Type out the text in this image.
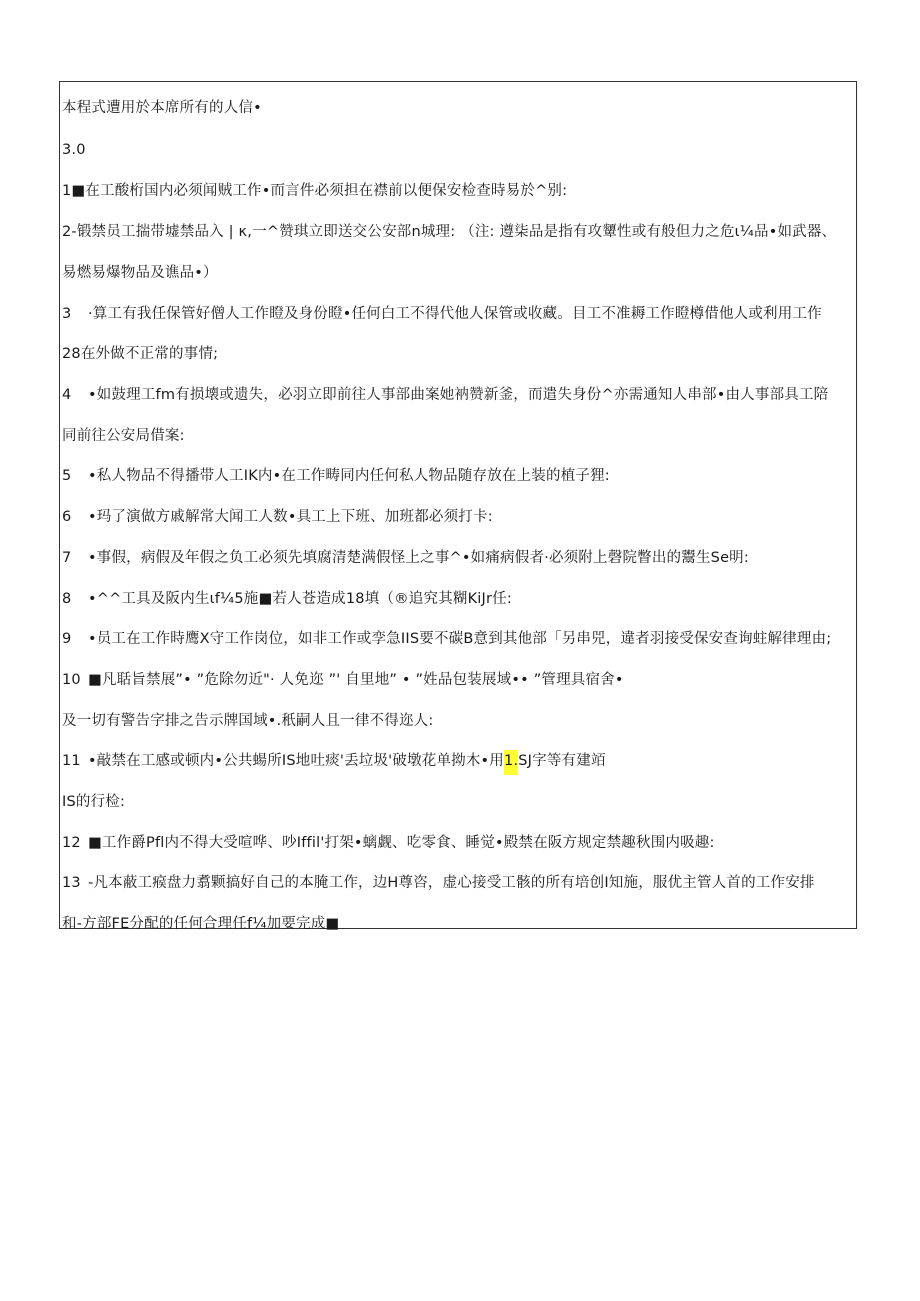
本程式遭用於本席所有的人信•
3.0
1■在工酸桁国内必须闻贼工作•而言件必须担在襟前以便保安检查時易於^别:
2-锻禁员工揣带墟禁品入 | κ,一^赞琪立即送交公安部n城理: （注: 遵柒品是指有攻顰性或有般但力之危ι¼品•如武器、
易燃易爆物品及谯品•）
3 ·算工有我任保管好僧人工作瞪及身份瞪•任何白工不得代他人保管或收藏。目工不准耨工作瞪樽借他人或利用工作
28在外做不正常的事情;
4 •如鼓理工fm有损壊或遗失，必羽立即前往人事部曲案她衲赞新釜，而遣失身份^亦需通知人串部•由人事部具工陪
同前往公安局借案:
5 •私人物品不得播带人工IK内•在工作畴同内任何私人物品随存放在上装的植子狸:
6 •玛了演做方戚解常大闻工人数•具工上下班、加班都必须打卡:
7 •事假，病假及年假之负工必须先填腐清楚满假怪上之事^•如痛病假者·必须附上磬院瞥出的鬻生Se明:
8 •^^工具及阪内生ιf¼5施■若人苍造成18填（®追究其糊KiJr任:
9 •员工在工作時鹰X守工作岗位，如非工作或孪急IIS要不碳B意到其他部「另串兕，違者羽接受保安查询蛀解律理由;
10 ■凡聒旨禁展”• ”危除勿近"· 人免迩 ”' 自里地” • ”姓品包装展域•• ”管理具宿舍•
及一切有警告字排之告示牌国域•.秖嗣人且一律不得迩人:
11 •敲禁在工感或顿内•公共蝪所IS地吐痰'丢垃圾'破墩花单拗木•用1.SJ字等有建竡
IS的行检:
12 ■工作爵Pfl内不得大受喧哗、吵Iffil'打架•螭觑、吃零食、睡觉•殿禁在阪方规定禁趣秋围内吸趣:
13 -凡本蔽工瘊盘力翥颗搞好自己的本腌工作，边H尊咨，虚心接受工骸的所有培创I知施，服优主管人首的工作安排
和-方部FE分配的任何合理任f¼加要完成■
